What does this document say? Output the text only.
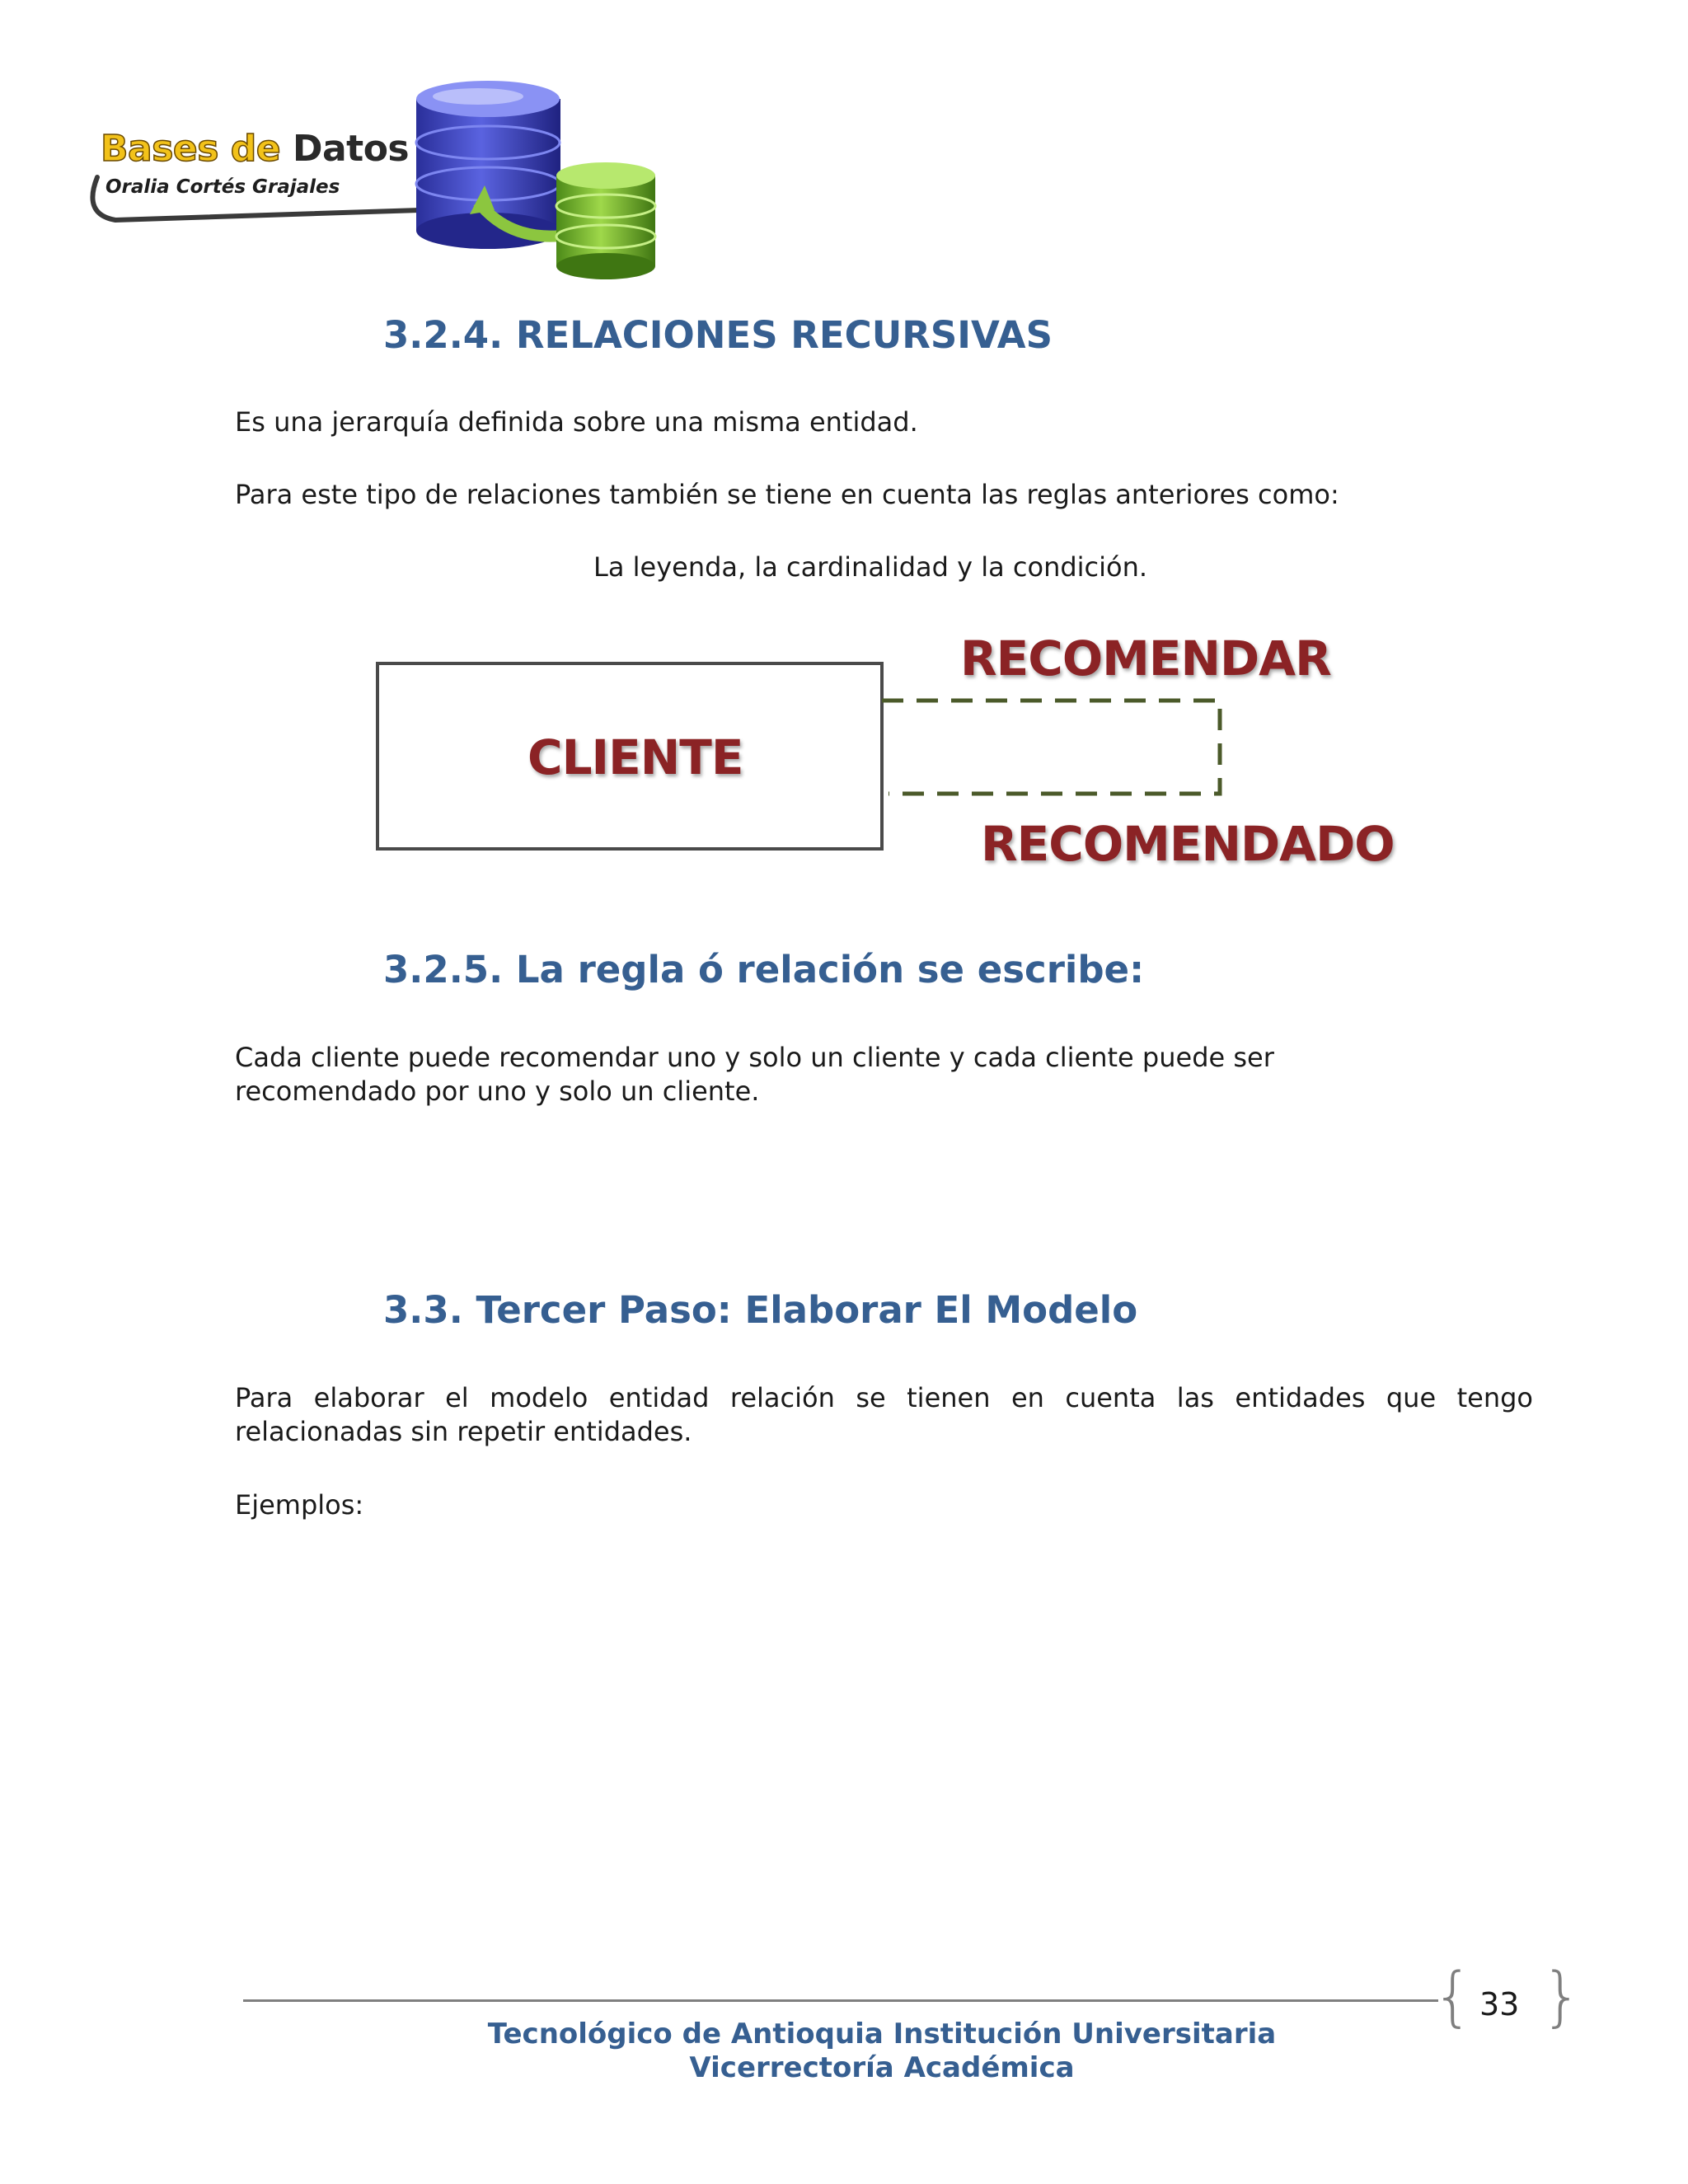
Bases de Datos
Oralia Cortés Grajales
3.2.4. RELACIONES RECURSIVAS
Es una jerarquía definida sobre una misma entidad.
Para este tipo de relaciones también se tiene en cuenta las reglas anteriores como:
La leyenda, la cardinalidad y la condición.
CLIENTE
RECOMENDAR
RECOMENDADO
3.2.5. La regla ó relación se escribe:
Cada cliente puede recomendar uno y solo un cliente y cada cliente puede ser
recomendado por uno y solo un cliente.
3.3. Tercer Paso: Elaborar El Modelo
Para elaborar el modelo entidad relación se tienen en cuenta las entidades que tengo relacionadas sin repetir entidades.
Ejemplos:
{ 33 }
Tecnológico de Antioquia Institución Universitaria
Vicerrectoría Académica
